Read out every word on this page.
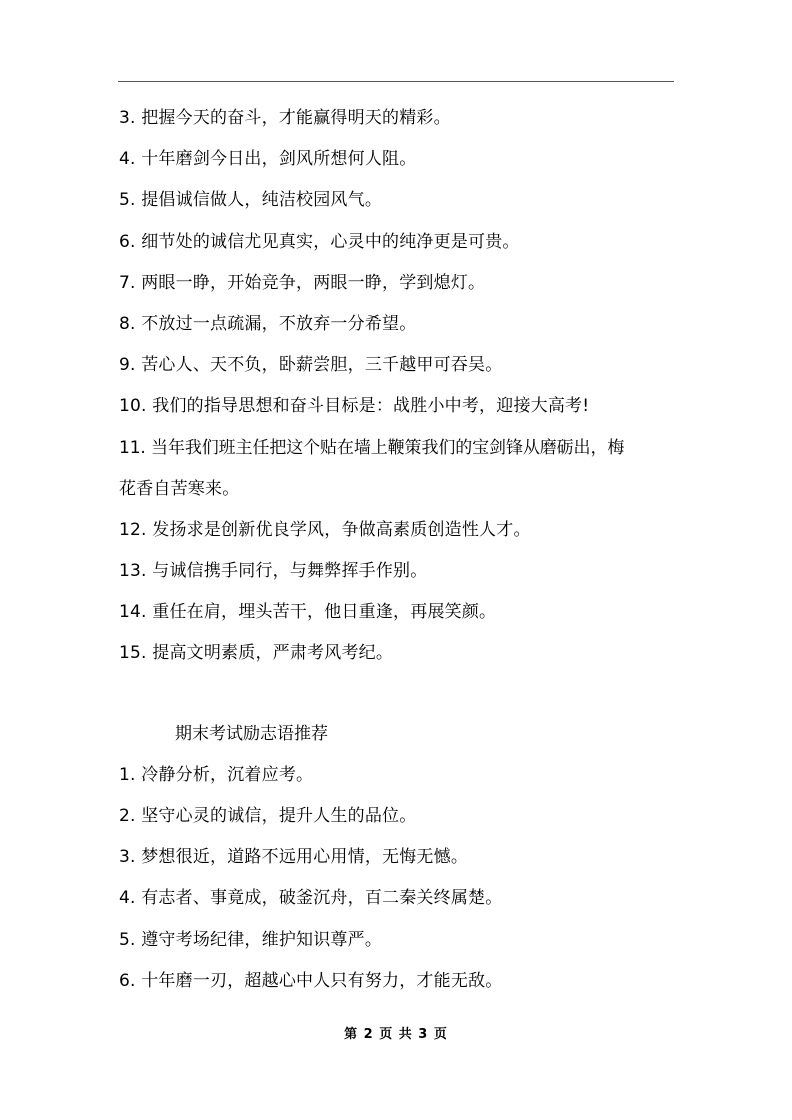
3. 把握今天的奋斗，才能赢得明天的精彩。
4. 十年磨剑今日出，剑风所想何人阻。
5. 提倡诚信做人，纯洁校园风气。
6. 细节处的诚信尤见真实，心灵中的纯净更是可贵。
7. 两眼一睁，开始竞争，两眼一睁，学到熄灯。
8. 不放过一点疏漏，不放弃一分希望。
9. 苦心人、天不负，卧薪尝胆，三千越甲可吞吴。
10. 我们的指导思想和奋斗目标是：战胜小中考，迎接大高考!
11. 当年我们班主任把这个贴在墙上鞭策我们的宝剑锋从磨砺出，梅
花香自苦寒来。
12. 发扬求是创新优良学风，争做高素质创造性人才。
13. 与诚信携手同行，与舞弊挥手作别。
14. 重任在肩，埋头苦干，他日重逢，再展笑颜。
15. 提高文明素质，严肃考风考纪。
期末考试励志语推荐
1. 冷静分析，沉着应考。
2. 坚守心灵的诚信，提升人生的品位。
3. 梦想很近，道路不远用心用情，无悔无憾。
4. 有志者、事竟成，破釜沉舟，百二秦关终属楚。
5. 遵守考场纪律，维护知识尊严。
6. 十年磨一刃，超越心中人只有努力，才能无敌。
第 2 页 共 3 页
